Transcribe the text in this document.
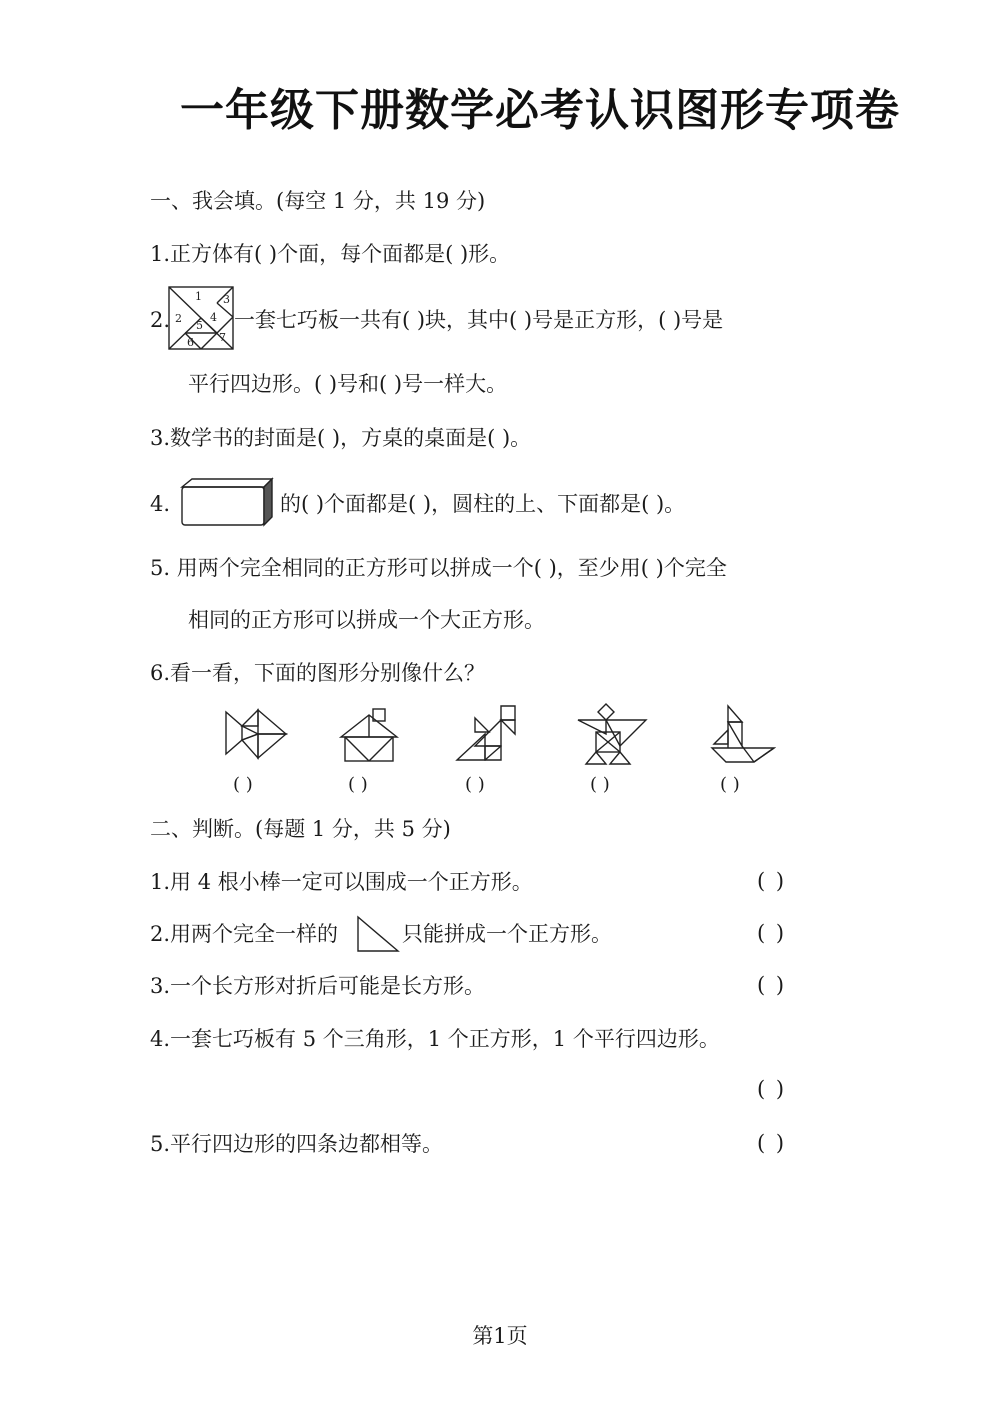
一年级下册数学必考认识图形专项卷
一、我会填。(每空 1 分，共 19 分)
1.正方体有( )个面，每个面都是( )形。
2.
1
2
3
4
5
6 7
一套七巧板一共有( )块，其中( )号是正方形，( )号是
平行四边形。( )号和( )号一样大。
3.数学书的封面是( )，方桌的桌面是( )。
4.	的( )个面都是( )，圆柱的上、下面都是( )。
5. 用两个完全相同的正方形可以拼成一个( )，至少用( )个完全
相同的正方形可以拼成一个大正方形。
6.看一看，下面的图形分别像什么？
( )	( )	( )	( )	( )
二、判断。(每题 1 分，共 5 分)
1.用 4 根小棒一定可以围成一个正方形。	( )
2.用两个完全一样的	只能拼成一个正方形。	( )
3.一个长方形对折后可能是长方形。	( )
4.一套七巧板有 5 个三角形，1 个正方形，1 个平行四边形。
( )
5.平行四边形的四条边都相等。	( )
第1页
